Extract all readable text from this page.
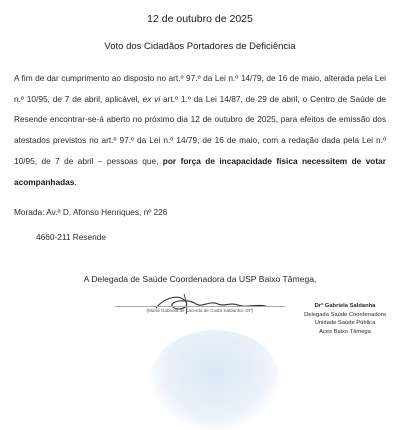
12 de outubro de 2025
Voto dos Cidadãos Portadores de Deficiência

A fim de dar cumprimento ao disposto no art.º 97.º da Lei n.º 14/79, de 16 de maio, alterada pela Lei n.º 10/95, de 7 de abril, aplicável, ex vi art.º 1.º da Lei 14/87, de 29 de abril, o Centro de Saúde de Resende encontrar-se-á aberto no próximo dia 12 de outubro de 2025, para efeitos de emissão dos atestados previstos no art.º 97.º da Lei n.º 14/79, de 16 de maio, com a redação dada pela Lei n.º 10/95, de 7 de abril – pessoas que, por força de incapacidade física necessitem de votar acompanhadas.

Morada: Av.ª D. Afonso Henriques, nº 226
4660-211 Resende
A Delegada de Saúde Coordenadora da USP Baixo Tâmega,
(Maria Gabriela de Lacerda de Costa Saldanha, Drª)
Drª Gabriela Saldanha
Delegada Saúde Coordenadora
Unidade Saúde Pública
Aces Baixo Tâmega
